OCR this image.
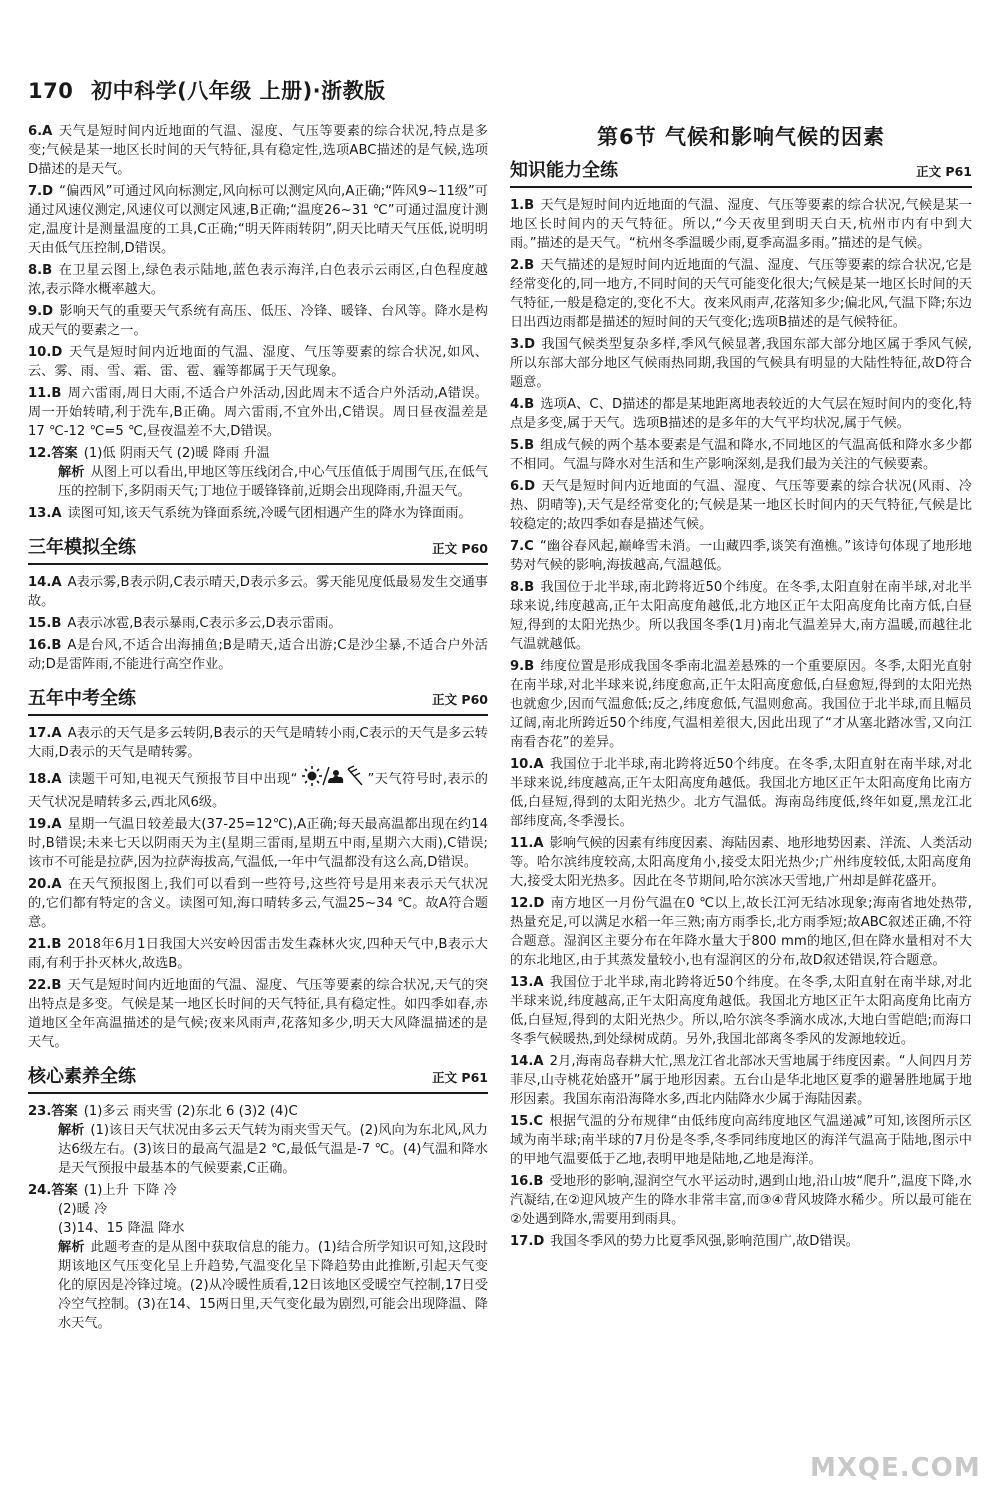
170 初中科学(八年级 上册)·浙教版

6.A 天气是短时间内近地面的气温、湿度、气压等要素的综合状况,特点是多变;气候是某一地区长时间的天气特征,具有稳定性,选项ABC描述的是气候,选项D描述的是天气。

7.D “偏西风”可通过风向标测定,风向标可以测定风向,A正确;“阵风9~11级”可通过风速仪测定,风速仪可以测定风速,B正确;“温度26~31 ℃”可通过温度计测定,温度计是测量温度的工具,C正确;“明天阵雨转阴”,阴天比晴天气压低,说明明天由低气压控制,D错误。

8.B 在卫星云图上,绿色表示陆地,蓝色表示海洋,白色表示云雨区,白色程度越浓,表示降水概率越大。

9.D 影响天气的重要天气系统有高压、低压、冷锋、暖锋、台风等。降水是构成天气的要素之一。

10.D 天气是短时间内近地面的气温、湿度、气压等要素的综合状况,如风、云、雾、雨、雪、霜、雷、雹、霾等都属于天气现象。

11.B 周六雷雨,周日大雨,不适合户外活动,因此周末不适合户外活动,A错误。周一开始转晴,利于洗车,B正确。周六雷雨,不宜外出,C错误。周日昼夜温差是17 ℃-12 ℃=5 ℃,昼夜温差不大,D错误。

12.答案 (1)低 阴雨天气 (2)暖 降雨 升温
解析 从图上可以看出,甲地区等压线闭合,中心气压值低于周围气压,在低气压的控制下,多阴雨天气;丁地位于暖锋锋前,近期会出现降雨,升温天气。

13.A 读图可知,该天气系统为锋面系统,冷暖气团相遇产生的降水为锋面雨。

三年模拟全练	正文 P60

14.A A表示雾,B表示阴,C表示晴天,D表示多云。雾天能见度低最易发生交通事故。

15.B A表示冰雹,B表示暴雨,C表示多云,D表示雷雨。

16.B A是台风,不适合出海捕鱼;B是晴天,适合出游;C是沙尘暴,不适合户外活动;D是雷阵雨,不能进行高空作业。

五年中考全练	正文 P60

17.A A表示的天气是多云转阴,B表示的天气是晴转小雨,C表示的天气是多云转大雨,D表示的天气是晴转雾。

18.A 读题干可知,电视天气预报节目中出现“	”天气符号时,表示的天气状况是晴转多云,西北风6级。

19.A 星期一气温日较差最大(37-25=12℃),A正确;每天最高温都出现在约14时,B错误;未来七天以阴雨天为主(星期三雷雨,星期五中雨,星期六大雨),C错误;该市不可能是拉萨,因为拉萨海拔高,气温低,一年中气温都没有这么高,D错误。

20.A 在天气预报图上,我们可以看到一些符号,这些符号是用来表示天气状况的,它们都有特定的含义。读图可知,海口晴转多云,气温25~34 ℃。故A符合题意。

21.B 2018年6月1日我国大兴安岭因雷击发生森林火灾,四种天气中,B表示大雨,有利于扑灭林火,故选B。

22.B 天气是短时间内近地面的气温、湿度、气压等要素的综合状况,天气的突出特点是多变。气候是某一地区长时间的天气特征,具有稳定性。如四季如春,赤道地区全年高温描述的是气候;夜来风雨声,花落知多少,明天大风降温描述的是天气。

核心素养全练	正文 P61

23.答案 (1)多云 雨夹雪 (2)东北 6 (3)2 (4)C
解析 (1)该日天气状况由多云天气转为雨夹雪天气。(2)风向为东北风,风力达6级左右。(3)该日的最高气温是2 ℃,最低气温是-7 ℃。(4)气温和降水是天气预报中最基本的气候要素,C正确。

24.答案 (1)上升 下降 冷
(2)暖 冷
(3)14、15 降温 降水
解析 此题考查的是从图中获取信息的能力。(1)结合所学知识可知,这段时期该地区气压变化呈上升趋势,气温变化呈下降趋势由此推断,引起天气变化的原因是冷锋过境。(2)从冷暖性质看,12日该地区受暖空气控制,17日受冷空气控制。(3)在14、15两日里,天气变化最为剧烈,可能会出现降温、降水天气。

第6节 气候和影响气候的因素
知识能力全练	正文 P61

1.B 天气是短时间内近地面的气温、湿度、气压等要素的综合状况,气候是某一地区长时间内的天气特征。所以,“今天夜里到明天白天,杭州市内有中到大雨。”描述的是天气。“杭州冬季温暖少雨,夏季高温多雨。”描述的是气候。

2.B 天气描述的是短时间内近地面的气温、湿度、气压等要素的综合状况,它是经常变化的,同一地方,不同时间的天气可能变化很大;气候是某一地区长时间的天气特征,一般是稳定的,变化不大。夜来风雨声,花落知多少;偏北风,气温下降;东边日出西边雨都是描述的短时间的天气变化;选项B描述的是气候特征。

3.D 我国气候类型复杂多样,季风气候显著,我国东部大部分地区属于季风气候,所以东部大部分地区气候雨热同期,我国的气候具有明显的大陆性特征,故D符合题意。

4.B 选项A、C、D描述的都是某地距离地表较近的大气层在短时间内的变化,特点是多变,属于天气。选项B描述的是多年的大气平均状况,属于气候。

5.B 组成气候的两个基本要素是气温和降水,不同地区的气温高低和降水多少都不相同。气温与降水对生活和生产影响深刻,是我们最为关注的气候要素。

6.D 天气是短时间内近地面的气温、湿度、气压等要素的综合状况(风雨、冷热、阴晴等),天气是经常变化的;气候是某一地区长时间内的天气特征,气候是比较稳定的;故四季如春是描述气候。

7.C “幽谷春风起,巅峰雪未消。一山藏四季,谈笑有渔樵。”该诗句体现了地形地势对气候的影响,海拔越高,气温越低。

8.B 我国位于北半球,南北跨将近50个纬度。在冬季,太阳直射在南半球,对北半球来说,纬度越高,正午太阳高度角越低,北方地区正午太阳高度角比南方低,白昼短,得到的太阳光热少。所以我国冬季(1月)南北气温差异大,南方温暖,而越往北气温就越低。

9.B 纬度位置是形成我国冬季南北温差悬殊的一个重要原因。冬季,太阳光直射在南半球,对北半球来说,纬度愈高,正午太阳高度愈低,白昼愈短,得到的太阳光热也就愈少,因而气温愈低;反之,纬度愈低,气温则愈高。我国位于北半球,而且幅员辽阔,南北所跨近50个纬度,气温相差很大,因此出现了“才从塞北踏冰雪,又向江南看杏花”的差异。

10.A 我国位于北半球,南北跨将近50个纬度。在冬季,太阳直射在南半球,对北半球来说,纬度越高,正午太阳高度角越低。我国北方地区正午太阳高度角比南方低,白昼短,得到的太阳光热少。北方气温低。海南岛纬度低,终年如夏,黑龙江北部纬度高,冬季漫长。

11.A 影响气候的因素有纬度因素、海陆因素、地形地势因素、洋流、人类活动等。哈尔滨纬度较高,太阳高度角小,接受太阳光热少;广州纬度较低,太阳高度角大,接受太阳光热多。因此在冬节期间,哈尔滨冰天雪地,广州却是鲜花盛开。

12.D 南方地区一月份气温在0 ℃以上,故长江河无结冰现象;海南省地处热带,热量充足,可以满足水稻一年三熟;南方雨季长,北方雨季短;故ABC叙述正确,不符合题意。湿润区主要分布在年降水量大于800 mm的地区,但在降水量相对不大的东北地区,由于其蒸发量较小,也有湿润区的分布,故D叙述错误,符合题意。

13.A 我国位于北半球,南北跨将近50个纬度。在冬季,太阳直射在南半球,对北半球来说,纬度越高,正午太阳高度角越低。我国北方地区正午太阳高度角比南方低,白昼短,得到的太阳光热少。所以,哈尔滨冬季滴水成冰,大地白雪皑皑;而海口冬季气候暖热,到处绿树成荫。另外,我国北部离冬季风的发源地较近。

14.A 2月,海南岛春耕大忙,黑龙江省北部冰天雪地属于纬度因素。“人间四月芳菲尽,山寺桃花始盛开”属于地形因素。五台山是华北地区夏季的避暑胜地属于地形因素。我国东南沿海降水多,西北内陆降水少属于海陆因素。

15.C 根据气温的分布规律“由低纬度向高纬度地区气温递减”可知,该图所示区域为南半球;南半球的7月份是冬季,冬季同纬度地区的海洋气温高于陆地,图示中的甲地气温要低于乙地,表明甲地是陆地,乙地是海洋。

16.B 受地形的影响,湿润空气水平运动时,遇到山地,沿山坡“爬升”,温度下降,水汽凝结,在②迎风坡产生的降水非常丰富,而③④背风坡降水稀少。所以最可能在②处遇到降水,需要用到雨具。

17.D 我国冬季风的势力比夏季风强,影响范围广,故D错误。

MXQE.COM
